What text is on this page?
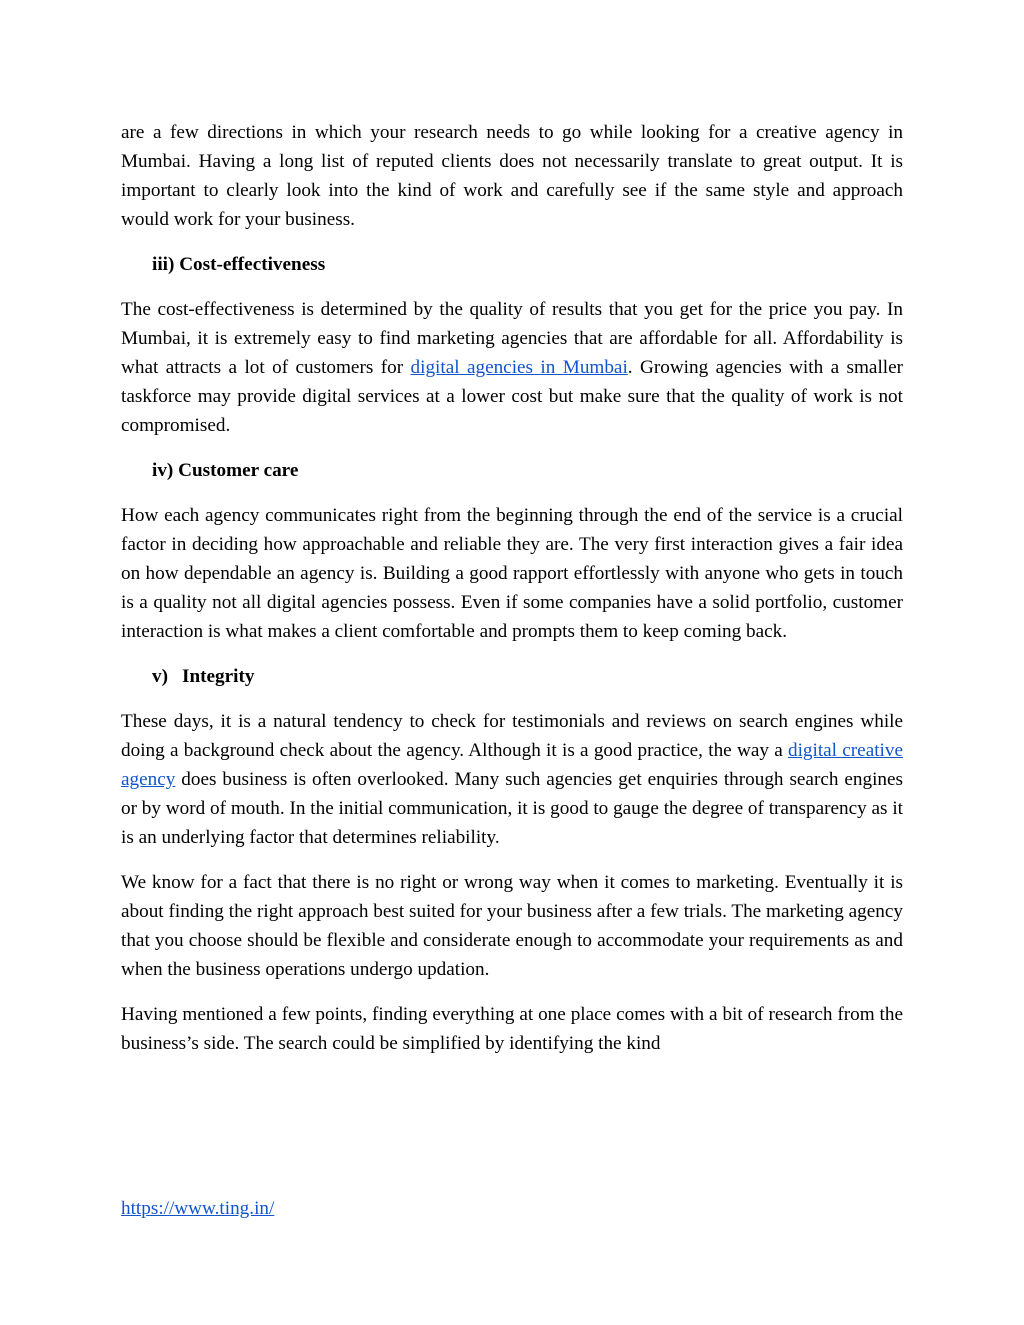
are a few directions in which your research needs to go while looking for a creative agency in Mumbai. Having a long list of reputed clients does not necessarily translate to great output. It is important to clearly look into the kind of work and carefully see if the same style and approach would work for your business.

iii) Cost-effectiveness

The cost-effectiveness is determined by the quality of results that you get for the price you pay. In Mumbai, it is extremely easy to find marketing agencies that are affordable for all. Affordability is what attracts a lot of customers for digital agencies in Mumbai. Growing agencies with a smaller taskforce may provide digital services at a lower cost but make sure that the quality of work is not compromised.

iv) Customer care

How each agency communicates right from the beginning through the end of the service is a crucial factor in deciding how approachable and reliable they are. The very first interaction gives a fair idea on how dependable an agency is. Building a good rapport effortlessly with anyone who gets in touch is a quality not all digital agencies possess. Even if some companies have a solid portfolio, customer interaction is what makes a client comfortable and prompts them to keep coming back.

v) Integrity

These days, it is a natural tendency to check for testimonials and reviews on search engines while doing a background check about the agency. Although it is a good practice, the way a digital creative agency does business is often overlooked. Many such agencies get enquiries through search engines or by word of mouth. In the initial communication, it is good to gauge the degree of transparency as it is an underlying factor that determines reliability.

We know for a fact that there is no right or wrong way when it comes to marketing. Eventually it is about finding the right approach best suited for your business after a few trials. The marketing agency that you choose should be flexible and considerate enough to accommodate your requirements as and when the business operations undergo updation.

Having mentioned a few points, finding everything at one place comes with a bit of research from the business’s side. The search could be simplified by identifying the kind

https://www.ting.in/
